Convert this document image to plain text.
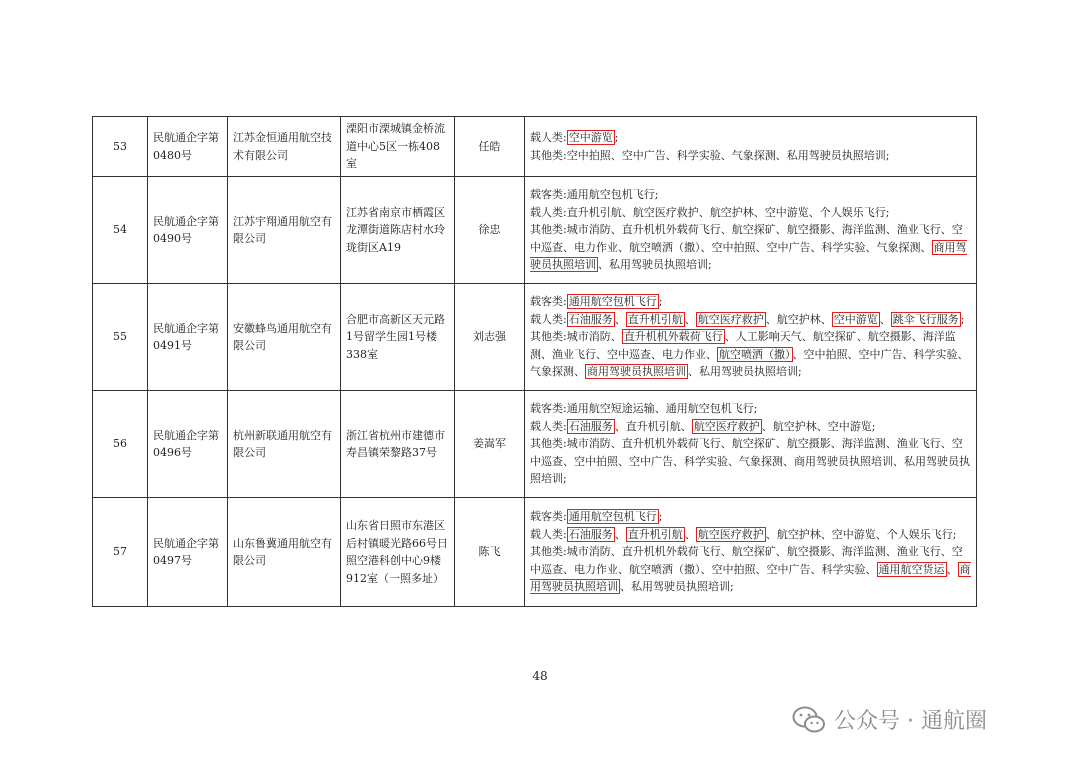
53	民航通企字第0480号	江苏金恒通用航空技术有限公司	溧阳市溧城镇金桥流道中心5区一栋408室	任皓	载人类: 空中游览 ;
其他类:空中拍照、空中广告、科学实验、气象探测、私用驾驶员执照培训;

54	民航通企字第0490号	江苏宇翔通用航空有限公司	江苏省南京市栖霞区龙潭街道陈店村水玲珑街区A19	徐忠	载客类:通用航空包机飞行;
载人类:直升机引航、航空医疗救护、航空护林、空中游览、个人娱乐飞行;
其他类:城市消防、直升机机外载荷飞行、航空探矿、航空摄影、海洋监测、渔业飞行、空中巡查、电力作业、航空喷洒（撒）、空中拍照、空中广告、科学实验、气象探测、 商用驾驶员执照培训 、私用驾驶员执照培训;

55	民航通企字第0491号	安徽蜂鸟通用航空有限公司	合肥市高新区天元路1号留学生园1号楼338室	刘志强	载客类: 通用航空包机飞行 ;
载人类: 石油服务 、 直升机引航 、 航空医疗救护 、航空护林、 空中游览 、 跳伞飞行服务 ;
其他类:城市消防、 直升机机外载荷飞行 、人工影响天气、航空探矿、航空摄影、海洋监测、渔业飞行、空中巡查、电力作业、 航空喷洒（撒） 、空中拍照、空中广告、科学实验、气象探测、 商用驾驶员执照培训 、私用驾驶员执照培训;

56	民航通企字第0496号	杭州新联通用航空有限公司	浙江省杭州市建德市寿昌镇荣黎路37号	姜嵩军	载客类:通用航空短途运输、通用航空包机飞行;
载人类: 石油服务 、直升机引航、 航空医疗救护 、航空护林、空中游览;
其他类:城市消防、直升机机外载荷飞行、航空探矿、航空摄影、海洋监测、渔业飞行、空中巡查、空中拍照、空中广告、科学实验、气象探测、商用驾驶员执照培训、私用驾驶员执照培训;

57	民航通企字第0497号	山东鲁冀通用航空有限公司	山东省日照市东港区后村镇暖光路66号日照空港科创中心9楼912室（一照多址）	陈飞	载客类: 通用航空包机飞行 ;
载人类: 石油服务 、 直升机引航 、 航空医疗救护 、航空护林、空中游览、个人娱乐飞行;
其他类:城市消防、直升机机外载荷飞行、航空探矿、航空摄影、海洋监测、渔业飞行、空中巡查、电力作业、航空喷洒（撒）、空中拍照、空中广告、科学实验、 通用航空货运 、 商用驾驶员执照培训 、私用驾驶员执照培训;
48
公众号 · 通航圈
